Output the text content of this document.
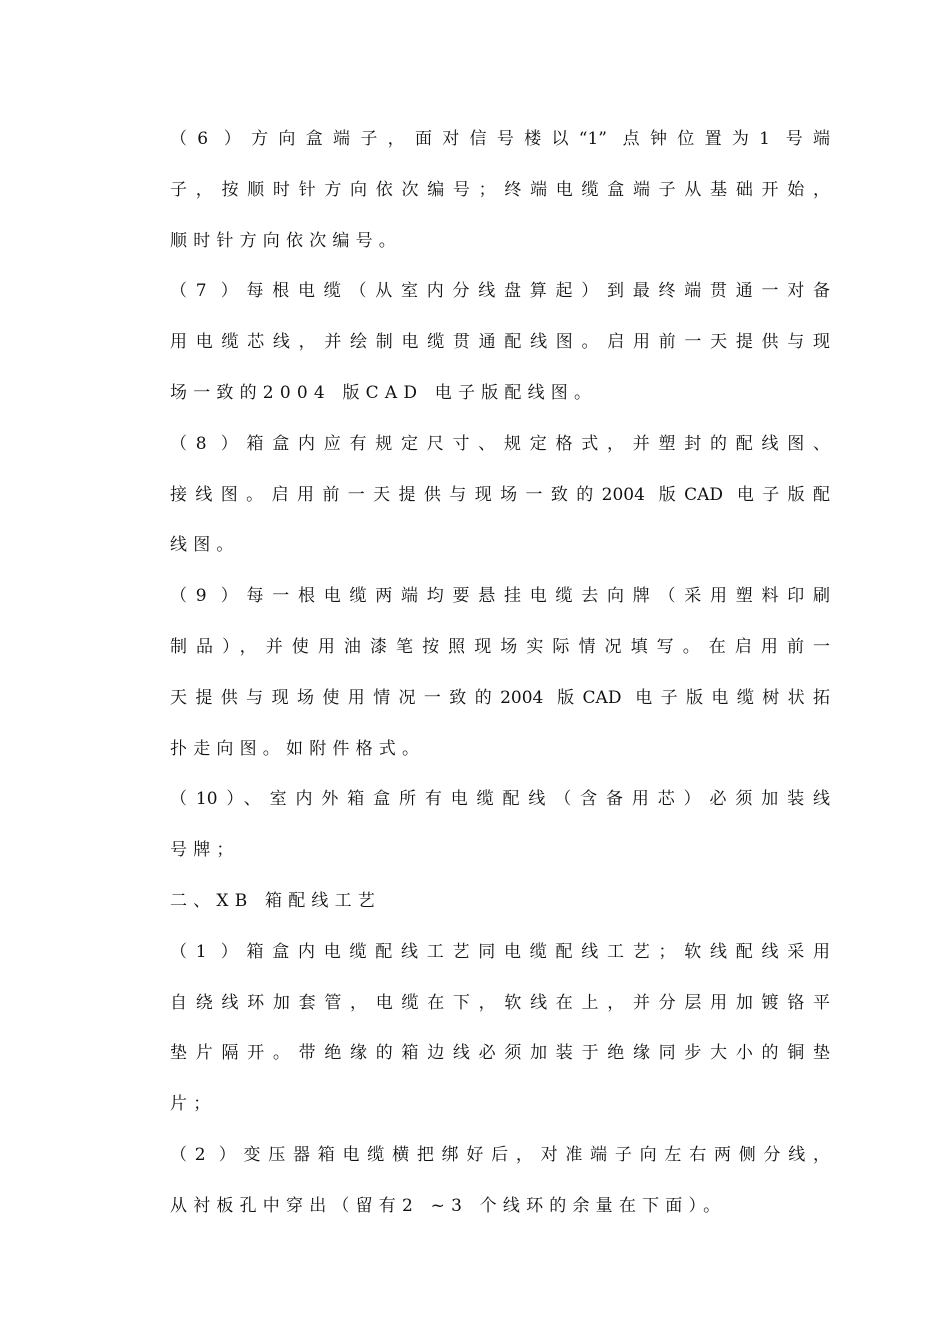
（6 ）方向盒端子，面对信号楼以“1” 点钟位置为1 号端
子，按顺时针方向依次编号；终端电缆盒端子从基础开始，
顺时针方向依次编号。
（7 ）每根电缆（从室内分线盘算起）到最终端贯通一对备
用电缆芯线，并绘制电缆贯通配线图。启用前一天提供与现
场一致的2004 版CAD 电子版配线图。
（8 ）箱盒内应有规定尺寸、规定格式，并塑封的配线图、
接线图。启用前一天提供与现场一致的2004 版CAD 电子版配
线图。
（9 ）每一根电缆两端均要悬挂电缆去向牌（采用塑料印刷
制品），并使用油漆笔按照现场实际情况填写。在启用前一
天提供与现场使用情况一致的2004 版CAD 电子版电缆树状拓
扑走向图。如附件格式。
（10）、室内外箱盒所有电缆配线（含备用芯）必须加装线
号牌；
二、XB 箱配线工艺
（1 ）箱盒内电缆配线工艺同电缆配线工艺；软线配线采用
自绕线环加套管，电缆在下，软线在上，并分层用加镀铬平
垫片隔开。带绝缘的箱边线必须加装于绝缘同步大小的铜垫
片；
（2 ）变压器箱电缆横把绑好后，对准端子向左右两侧分线，
从衬板孔中穿出（留有2 ~3 个线环的余量在下面）。
